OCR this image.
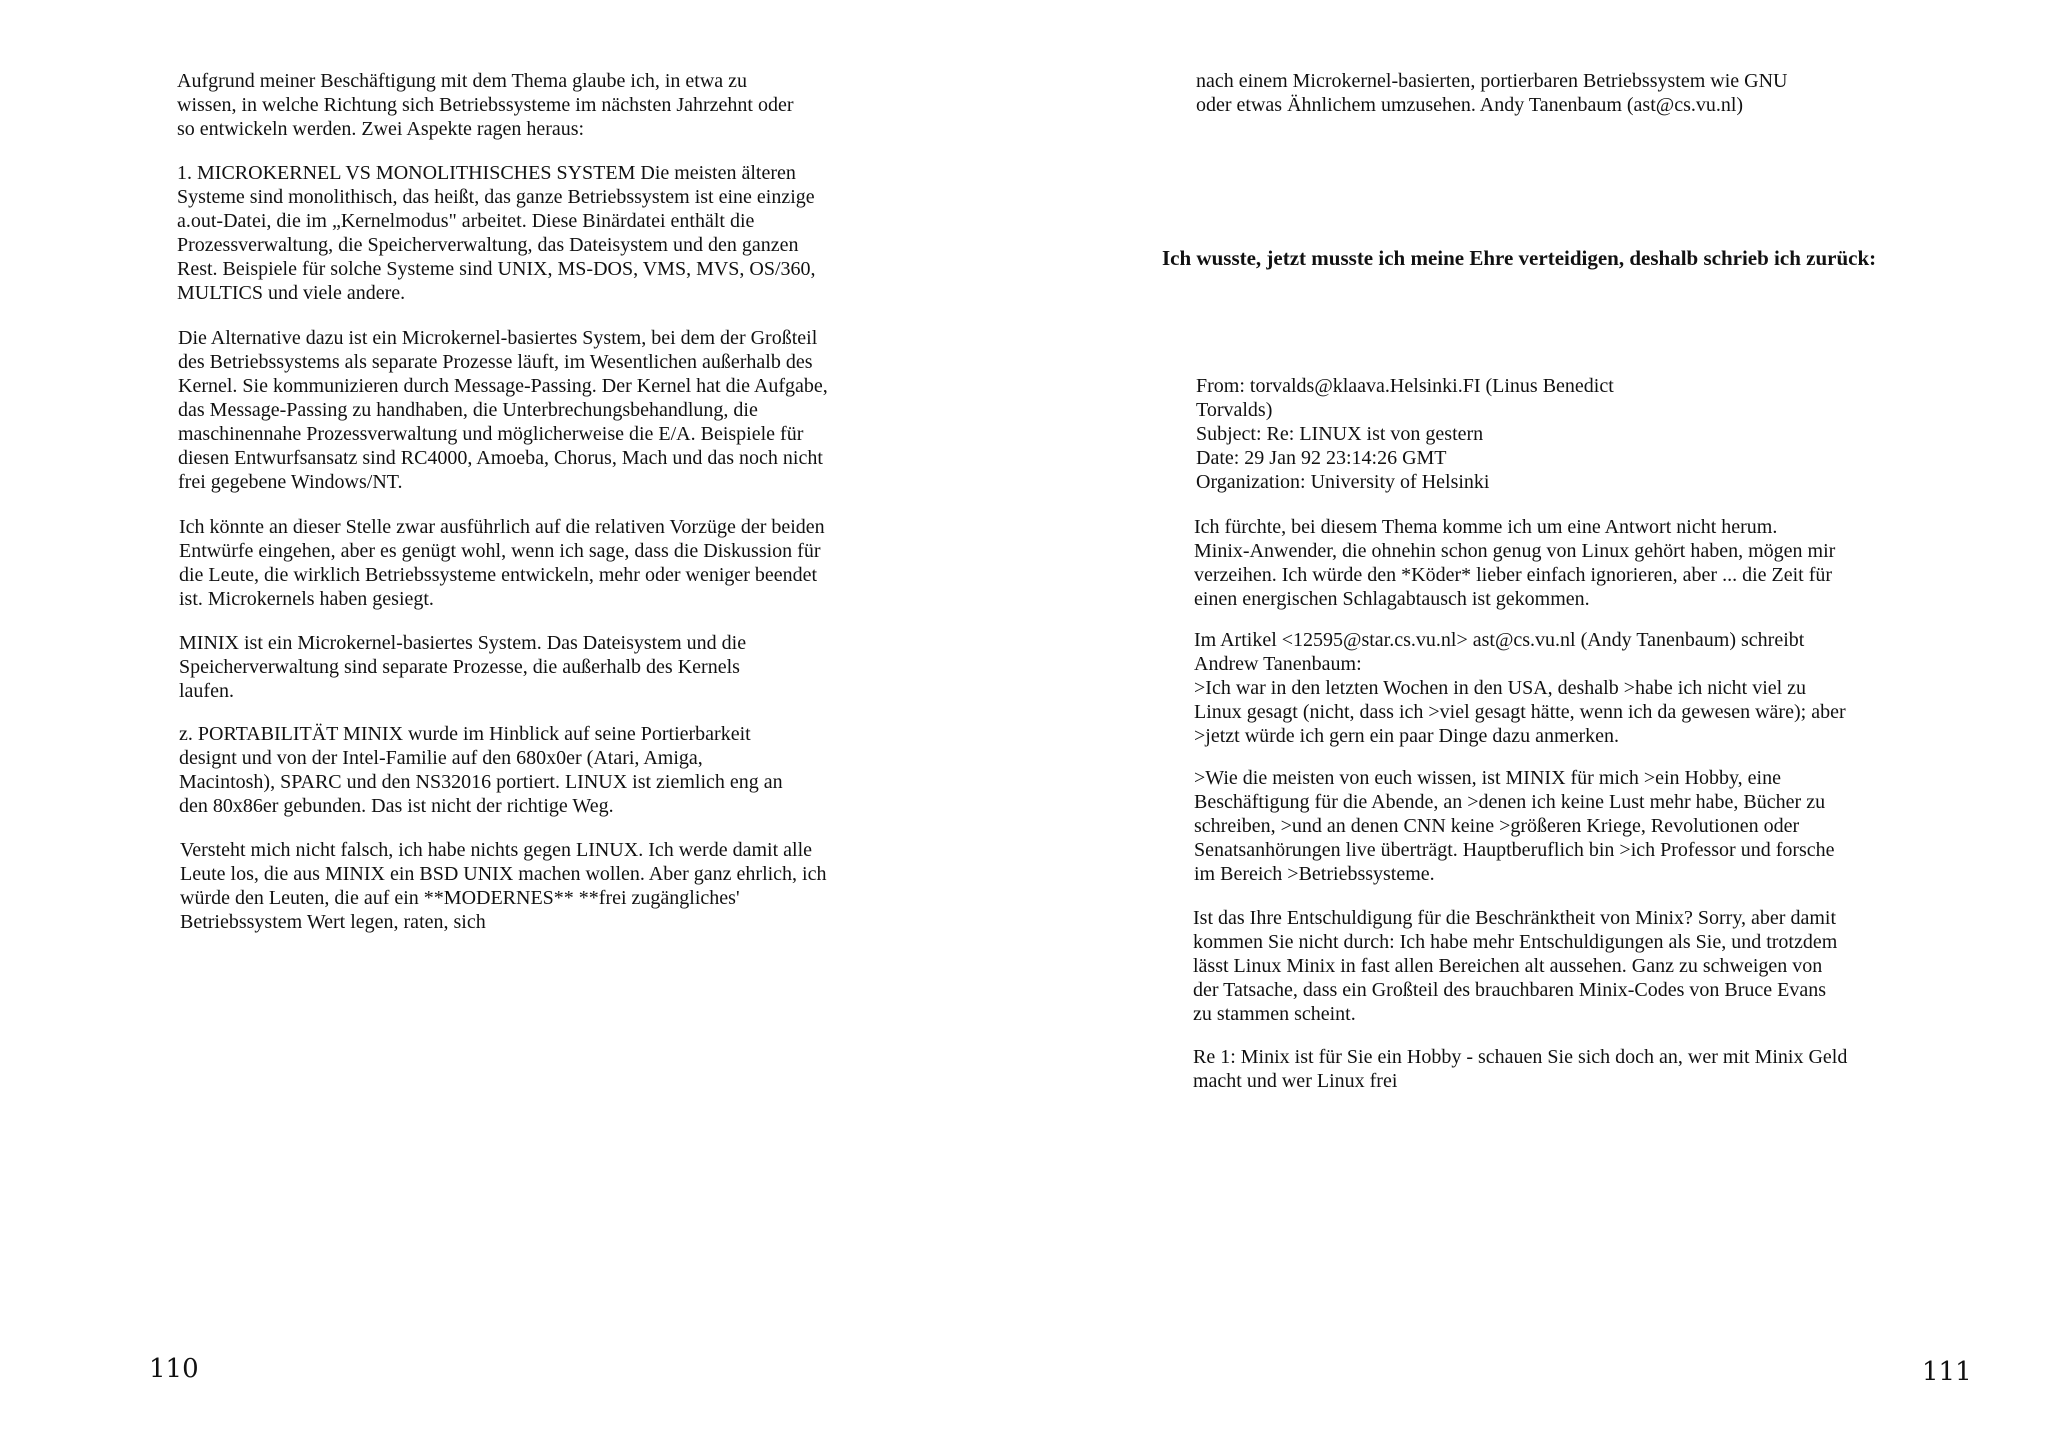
Aufgrund meiner Beschäftigung mit dem Thema glaube ich, in etwa zu
wissen, in welche Richtung sich Betriebssysteme im nächsten Jahrzehnt oder
so entwickeln werden. Zwei Aspekte ragen heraus:

1. MICROKERNEL VS MONOLITHISCHES SYSTEM Die meisten älteren
Systeme sind monolithisch, das heißt, das ganze Betriebssystem ist eine einzige
a.out-Datei, die im „Kernelmodus" arbeitet. Diese Binärdatei enthält die
Prozessverwaltung, die Speicherverwaltung, das Dateisystem und den ganzen
Rest. Beispiele für solche Systeme sind UNIX, MS-DOS, VMS, MVS, OS/360,
MULTICS und viele andere.

Die Alternative dazu ist ein Microkernel-basiertes System, bei dem der Großteil
des Betriebssystems als separate Prozesse läuft, im Wesentlichen außerhalb des
Kernel. Sie kommunizieren durch Message-Passing. Der Kernel hat die Aufgabe,
das Message-Passing zu handhaben, die Unterbrechungsbehandlung, die
maschinennahe Prozessverwaltung und möglicherweise die E/A. Beispiele für
diesen Entwurfsansatz sind RC4000, Amoeba, Chorus, Mach und das noch nicht
frei gegebene Windows/NT.

Ich könnte an dieser Stelle zwar ausführlich auf die relativen Vorzüge der beiden
Entwürfe eingehen, aber es genügt wohl, wenn ich sage, dass die Diskussion für
die Leute, die wirklich Betriebssysteme entwickeln, mehr oder weniger beendet
ist. Microkernels haben gesiegt.

MINIX ist ein Microkernel-basiertes System. Das Dateisystem und die
Speicherverwaltung sind separate Prozesse, die außerhalb des Kernels
laufen.

z. PORTABILITÄT MINIX wurde im Hinblick auf seine Portierbarkeit
designt und von der Intel-Familie auf den 680x0er (Atari, Amiga,
Macintosh), SPARC und den NS32016 portiert. LINUX ist ziemlich eng an
den 80x86er gebunden. Das ist nicht der richtige Weg.

Versteht mich nicht falsch, ich habe nichts gegen LINUX. Ich werde damit alle
Leute los, die aus MINIX ein BSD UNIX machen wollen. Aber ganz ehrlich, ich
würde den Leuten, die auf ein **MODERNES** **frei zugängliches'
Betriebssystem Wert legen, raten, sich

110

nach einem Microkernel-basierten, portierbaren Betriebssystem wie GNU
oder etwas Ähnlichem umzusehen. Andy Tanenbaum (ast@cs.vu.nl)

Ich wusste, jetzt musste ich meine Ehre verteidigen, deshalb schrieb ich zurück:

From: torvalds@klaava.Helsinki.FI (Linus Benedict
Torvalds)
Subject: Re: LINUX ist von gestern
Date: 29 Jan 92 23:14:26 GMT
Organization: University of Helsinki

Ich fürchte, bei diesem Thema komme ich um eine Antwort nicht herum.
Minix-Anwender, die ohnehin schon genug von Linux gehört haben, mögen mir
verzeihen. Ich würde den *Köder* lieber einfach ignorieren, aber ... die Zeit für
einen energischen Schlagabtausch ist gekommen.

Im Artikel <12595@star.cs.vu.nl> ast@cs.vu.nl (Andy Tanenbaum) schreibt
Andrew Tanenbaum:
>Ich war in den letzten Wochen in den USA, deshalb >habe ich nicht viel zu
Linux gesagt (nicht, dass ich >viel gesagt hätte, wenn ich da gewesen wäre); aber
>jetzt würde ich gern ein paar Dinge dazu anmerken.

>Wie die meisten von euch wissen, ist MINIX für mich >ein Hobby, eine
Beschäftigung für die Abende, an >denen ich keine Lust mehr habe, Bücher zu
schreiben, >und an denen CNN keine >größeren Kriege, Revolutionen oder
Senatsanhörungen live überträgt. Hauptberuflich bin >ich Professor und forsche
im Bereich >Betriebssysteme.

Ist das Ihre Entschuldigung für die Beschränktheit von Minix? Sorry, aber damit
kommen Sie nicht durch: Ich habe mehr Entschuldigungen als Sie, und trotzdem
lässt Linux Minix in fast allen Bereichen alt aussehen. Ganz zu schweigen von
der Tatsache, dass ein Großteil des brauchbaren Minix-Codes von Bruce Evans
zu stammen scheint.

Re 1: Minix ist für Sie ein Hobby - schauen Sie sich doch an, wer mit Minix Geld
macht und wer Linux frei

111
